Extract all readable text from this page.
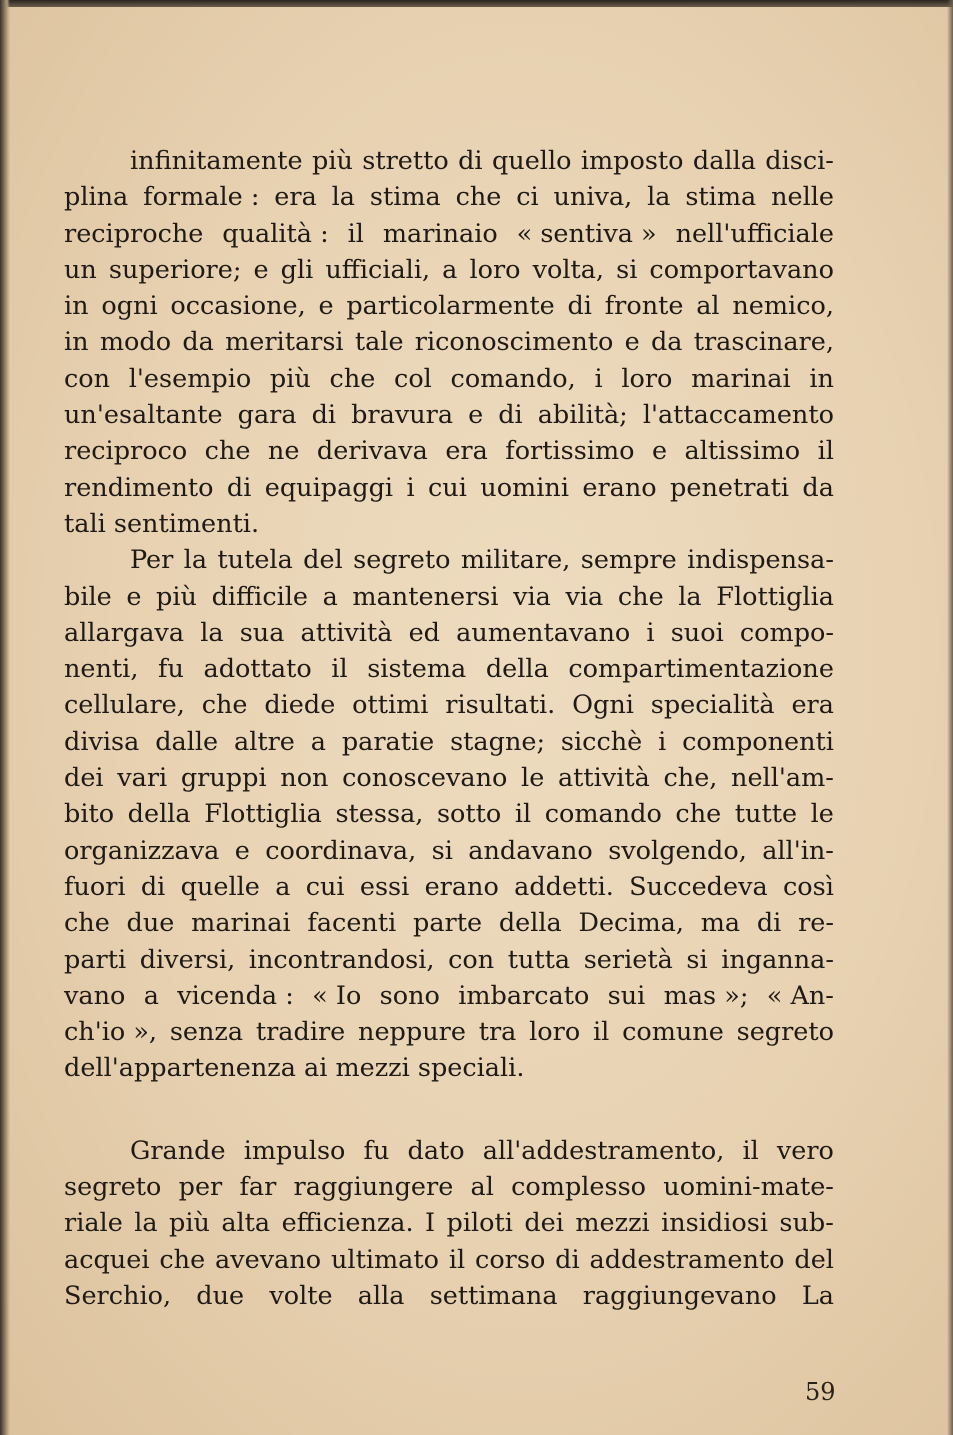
infinitamente più stretto di quello imposto dalla disci-
plina formale : era la stima che ci univa, la stima nelle
reciproche qualità : il marinaio « sentiva » nell'ufficiale
un superiore; e gli ufficiali, a loro volta, si comportavano
in ogni occasione, e particolarmente di fronte al nemico,
in modo da meritarsi tale riconoscimento e da trascinare,
con l'esempio più che col comando, i loro marinai in
un'esaltante gara di bravura e di abilità; l'attaccamento
reciproco che ne derivava era fortissimo e altissimo il
rendimento di equipaggi i cui uomini erano penetrati da
tali sentimenti.
Per la tutela del segreto militare, sempre indispensa-
bile e più difficile a mantenersi via via che la Flottiglia
allargava la sua attività ed aumentavano i suoi compo-
nenti, fu adottato il sistema della compartimentazione
cellulare, che diede ottimi risultati. Ogni specialità era
divisa dalle altre a paratie stagne; sicchè i componenti
dei vari gruppi non conoscevano le attività che, nell'am-
bito della Flottiglia stessa, sotto il comando che tutte le
organizzava e coordinava, si andavano svolgendo, all'in-
fuori di quelle a cui essi erano addetti. Succedeva così
che due marinai facenti parte della Decima, ma di re-
parti diversi, incontrandosi, con tutta serietà si inganna-
vano a vicenda : « Io sono imbarcato sui mas »; « An-
ch'io », senza tradire neppure tra loro il comune segreto
dell'appartenenza ai mezzi speciali.
Grande impulso fu dato all'addestramento, il vero
segreto per far raggiungere al complesso uomini-mate-
riale la più alta efficienza. I piloti dei mezzi insidiosi sub-
acquei che avevano ultimato il corso di addestramento del
Serchio, due volte alla settimana raggiungevano La
59
